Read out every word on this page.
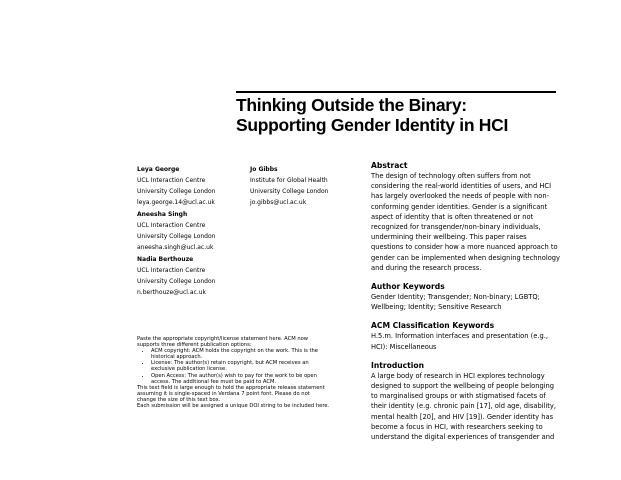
Thinking Outside the Binary:
Supporting Gender Identity in HCI
Leya George
UCL Interaction Centre
University College London
leya.george.14@ucl.ac.uk
Jo Gibbs
Institute for Global Health
University College London
jo.gibbs@ucl.ac.uk
Aneesha Singh
UCL Interaction Centre
University College London
aneesha.singh@ucl.ac.uk
Nadia Berthouze
UCL Interaction Centre
University College London
n.berthouze@ucl.ac.uk

Paste the appropriate copyright/license statement here. ACM now

supports three different publication options:

• ACM copyright: ACM holds the copyright on the work. This is the
historical approach.
• License: The author(s) retain copyright, but ACM receives an
exclusive publication license.
• Open Access: The author(s) wish to pay for the work to be open
access. The additional fee must be paid to ACM.

This text field is large enough to hold the appropriate release statement

assuming it is single-spaced in Verdana 7 point font. Please do not

change the size of this text box.

Each submission will be assigned a unique DOI string to be included here.

Abstract

The design of technology often suffers from not
considering the real-world identities of users, and HCI
has largely overlooked the needs of people with non-
conforming gender identities. Gender is a significant
aspect of identity that is often threatened or not
recognized for transgender/non-binary individuals,
undermining their wellbeing. This paper raises
questions to consider how a more nuanced approach to
gender can be implemented when designing technology
and during the research process.

Author Keywords

Gender Identity; Transgender; Non-binary; LGBTQ;
Wellbeing; Identity; Sensitive Research

ACM Classification Keywords

H.5.m. Information interfaces and presentation (e.g.,
HCI): Miscellaneous

Introduction

A large body of research in HCI explores technology
designed to support the wellbeing of people belonging
to marginalised groups or with stigmatised facets of
their identity (e.g. chronic pain [17], old age, disability,
mental health [20], and HIV [19]). Gender identity has
become a focus in HCI, with researchers seeking to
understand the digital experiences of transgender and
